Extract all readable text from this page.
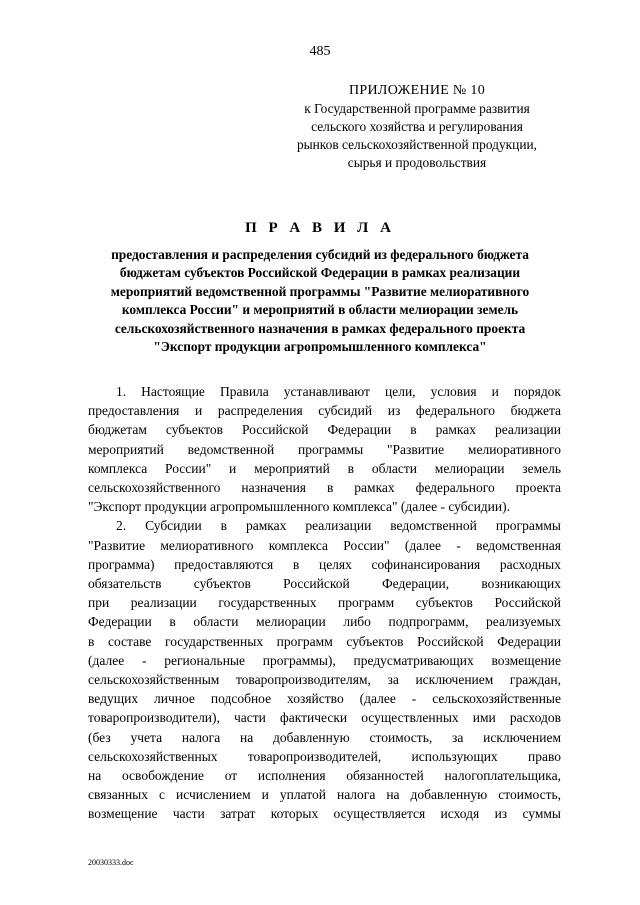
485
ПРИЛОЖЕНИЕ № 10
к Государственной программе развития
сельского хозяйства и регулирования
рынков сельскохозяйственной продукции,
сырья и продовольствия
П Р А В И Л А
предоставления и распределения субсидий из федерального бюджета
бюджетам субъектов Российской Федерации в рамках реализации
мероприятий ведомственной программы "Развитие мелиоративного
комплекса России" и мероприятий в области мелиорации земель
сельскохозяйственного назначения в рамках федерального проекта
"Экспорт продукции агропромышленного комплекса"
1. Настоящие Правила устанавливают цели, условия и порядок
предоставления и распределения субсидий из федерального бюджета
бюджетам субъектов Российской Федерации в рамках реализации
мероприятий ведомственной программы "Развитие мелиоративного
комплекса России" и мероприятий в области мелиорации земель
сельскохозяйственного назначения в рамках федерального проекта
"Экспорт продукции агропромышленного комплекса" (далее - субсидии).
2. Субсидии в рамках реализации ведомственной программы
"Развитие мелиоративного комплекса России" (далее - ведомственная
программа) предоставляются в целях софинансирования расходных
обязательств субъектов Российской Федерации, возникающих
при реализации государственных программ субъектов Российской
Федерации в области мелиорации либо подпрограмм, реализуемых
в составе государственных программ субъектов Российской Федерации
(далее - региональные программы), предусматривающих возмещение
сельскохозяйственным товаропроизводителям, за исключением граждан,
ведущих личное подсобное хозяйство (далее - сельскохозяйственные
товаропроизводители), части фактически осуществленных ими расходов
(без учета налога на добавленную стоимость, за исключением
сельскохозяйственных товаропроизводителей, использующих право
на освобождение от исполнения обязанностей налогоплательщика,
связанных с исчислением и уплатой налога на добавленную стоимость,
возмещение части затрат которых осуществляется исходя из суммы
20030333.doc
